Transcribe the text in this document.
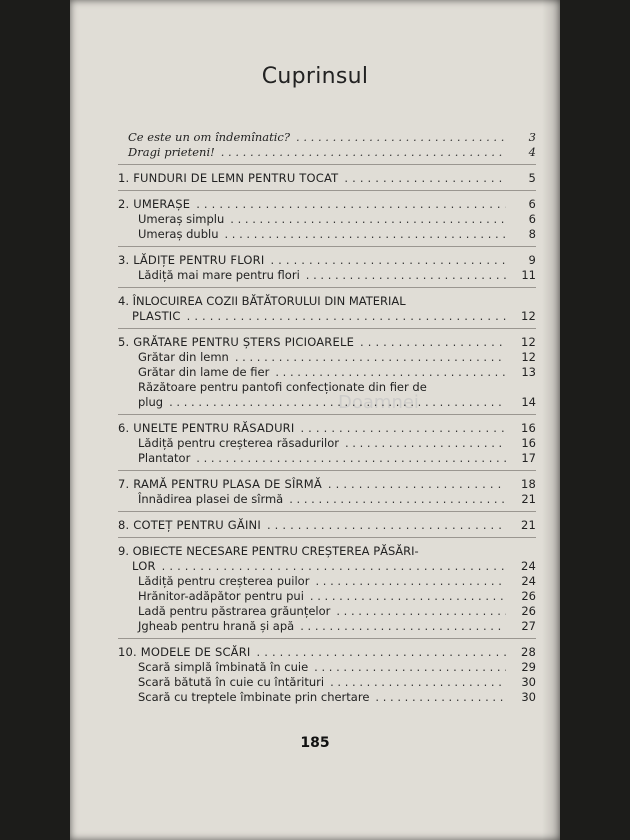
Cuprinsul
Doamnei
Ce este un om îndemînatic? . . .	3
Dragi prieteni! . . .	4
1. FUNDURI DE LEMN PENTRU TOCAT . . .	5
2. UMERAȘE . . .	6
Umeraș simplu . . .	6
Umeraș dublu . . .	8
3. LĂDIȚE PENTRU FLORI . . .	9
Lădiță mai mare pentru flori . . .	11
4. ÎNLOCUIREA COZII BĂTĂTORULUI DIN MATERIAL
PLASTIC . . .	12
5. GRĂTARE PENTRU ȘTERS PICIOARELE . . .	12
Grătar din lemn . . .	12
Grătar din lame de fier . . .	13
Răzătoare pentru pantofi confecționate din fier de
plug . . .	14
6. UNELTE PENTRU RĂSADURI . . .	16
Lădiță pentru creșterea răsadurilor . . .	16
Plantator . . .	17
7. RAMĂ PENTRU PLASA DE SÎRMĂ . . .	18
Înnădirea plasei de sîrmă . . .	21
8. COTEȚ PENTRU GĂINI . . .	21
9. OBIECTE NECESARE PENTRU CREȘTEREA PĂSĂRI-
LOR . . .	24
Lădiță pentru creșterea puilor . . .	24
Hrănitor-adăpător pentru pui . . .	26
Ladă pentru păstrarea grăunțelor . . .	26
Jgheab pentru hrană și apă . . .	27
10. MODELE DE SCĂRI . . .	28
Scară simplă îmbinată în cuie . . .	29
Scară bătută în cuie cu întărituri . . .	30
Scară cu treptele îmbinate prin chertare . . .	30
185
